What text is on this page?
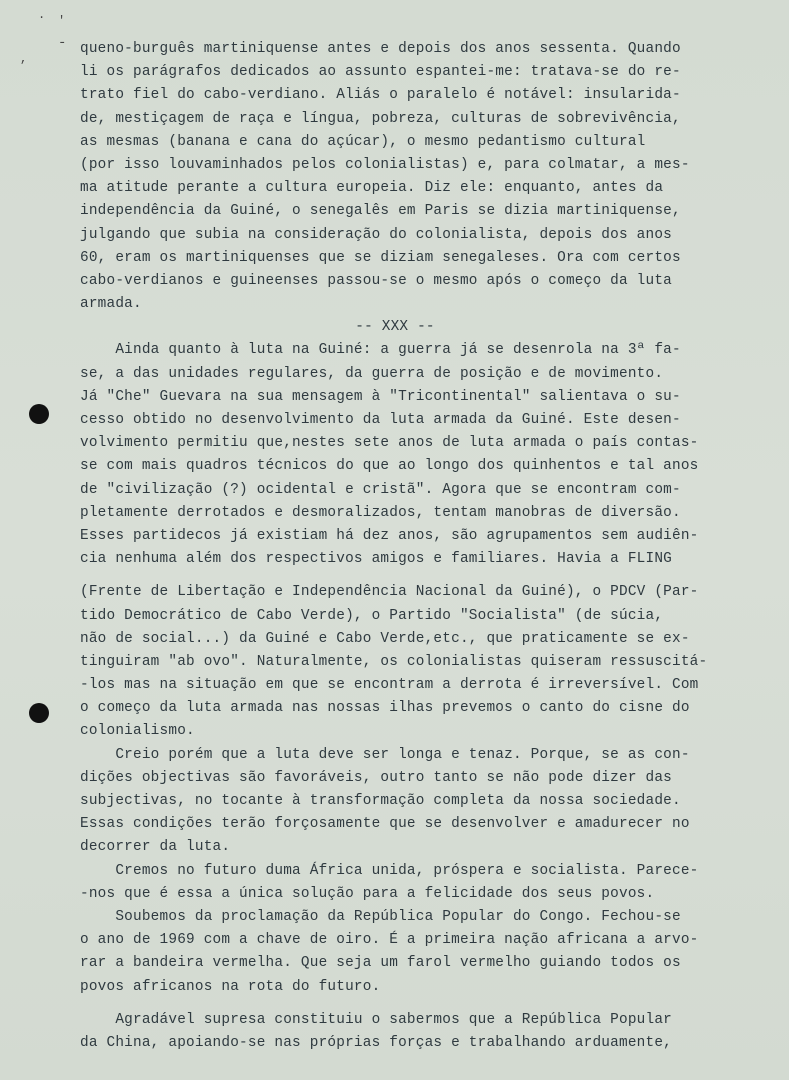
. '
,
- queno-burguês martiniquense antes e depois dos anos sessenta. Quando
li os parágrafos dedicados ao assunto espantei-me: tratava-se do re-
trato fiel do cabo-verdiano. Aliás o paralelo é notável: insularida-
de, mestiçagem de raça e língua, pobreza, culturas de sobrevivência,
as mesmas (banana e cana do açúcar), o mesmo pedantismo cultural
(por isso louvaminhados pelos colonialistas) e, para colmatar, a mes-
ma atitude perante a cultura europeia. Diz ele: enquanto, antes da
independência da Guiné, o senegalês em Paris se dizia martiniquense,
julgando que subia na consideração do colonialista, depois dos anos
60, eram os martiniquenses que se diziam senegaleses. Ora com certos
cabo-verdianos e guineenses passou-se o mesmo após o começo da luta
armada.
-- XXX --
Ainda quanto à luta na Guiné: a guerra já se desenrola na 3ª fa-
se, a das unidades regulares, da guerra de posição e de movimento.
Já "Che" Guevara na sua mensagem à "Tricontinental" salientava o su-
cesso obtido no desenvolvimento da luta armada da Guiné. Este desen-
volvimento permitiu que,nestes sete anos de luta armada o país contas-
se com mais quadros técnicos do que ao longo dos quinhentos e tal anos
de "civilização (?) ocidental e cristã". Agora que se encontram com-
pletamente derrotados e desmoralizados, tentam manobras de diversão.
Esses partidecos já existiam há dez anos, são agrupamentos sem audiên-
cia nenhuma além dos respectivos amigos e familiares. Havia a FLING
(Frente de Libertação e Independência Nacional da Guiné), o PDCV (Par-
tido Democrático de Cabo Verde), o Partido "Socialista" (de súcia,
não de social...) da Guiné e Cabo Verde,etc., que praticamente se ex-
tinguiram "ab ovo". Naturalmente, os colonialistas quiseram ressuscitá-
-los mas na situação em que se encontram a derrota é irreversível. Com
o começo da luta armada nas nossas ilhas prevemos o canto do cisne do
colonialismo.
Creio porém que a luta deve ser longa e tenaz. Porque, se as con-
dições objectivas são favoráveis, outro tanto se não pode dizer das
subjectivas, no tocante à transformação completa da nossa sociedade.
Essas condições terão forçosamente que se desenvolver e amadurecer no
decorrer da luta.
Cremos no futuro duma África unida, próspera e socialista. Parece-
-nos que é essa a única solução para a felicidade dos seus povos.
Soubemos da proclamação da República Popular do Congo. Fechou-se
o ano de 1969 com a chave de oiro. É a primeira nação africana a arvo-
rar a bandeira vermelha. Que seja um farol vermelho guiando todos os
povos africanos na rota do futuro.
Agradável supresa constituiu o sabermos que a República Popular
da China, apoiando-se nas próprias forças e trabalhando arduamente,
